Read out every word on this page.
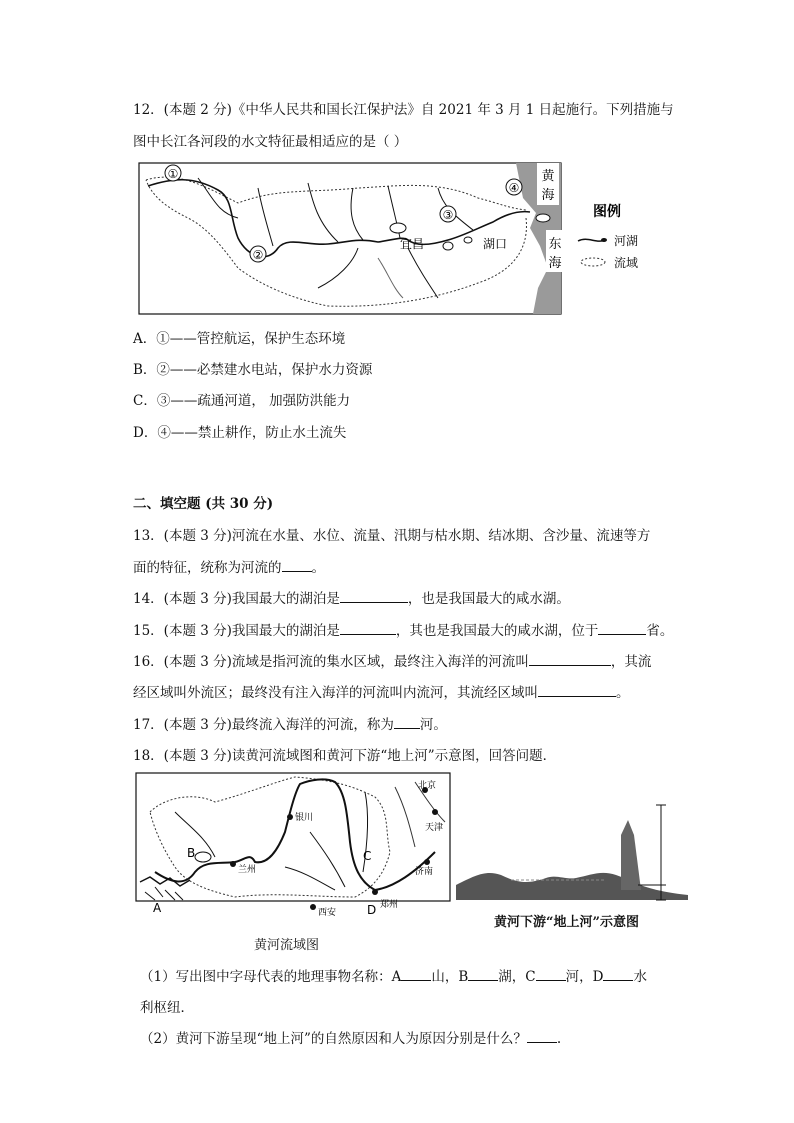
12．(本题 2 分)《中华人民共和国长江保护法》自 2021 年 3 月 1 日起施行。下列措施与
图中长江各河段的水文特征最相适应的是（ ）
①
②
③
④
宜昌	湖口
黄
海
东
海
图例
河湖
流域
A．①——管控航运，保护生态环境
B．②——必禁建水电站，保护水力资源
C．③——疏通河道， 加强防洪能力
D．④——禁止耕作，防止水土流失
二、填空题 (共 30 分)
13．(本题 3 分)河流在水量、水位、流量、汛期与枯水期、结冰期、含沙量、流速等方
面的特征，统称为河流的 。
14．(本题 3 分)我国最大的湖泊是	，也是我国最大的咸水湖。
15．(本题 3 分)我国最大的湖泊是	，其也是我国最大的咸水湖，位于	省。
16．(本题 3 分)流域是指河流的集水区域，最终注入海洋的河流叫	，其流
经区域叫外流区；最终没有注入海洋的河流叫内流河，其流经区域叫	。
17．(本题 3 分)最终流入海洋的河流，称为 河。
18．(本题 3 分)读黄河流域图和黄河下游“地上河”示意图，回答问题．
银川
兰州
西安
郑州
济南
北京
天津
A
B	C
D
黄河流域图
黄河下游“地上河”示意图
（1）写出图中字母代表的地理事物名称：A 山，B 湖，C 河，D 水
利枢纽．
（2）黄河下游呈现“地上河”的自然原因和人为原因分别是什么？ .
